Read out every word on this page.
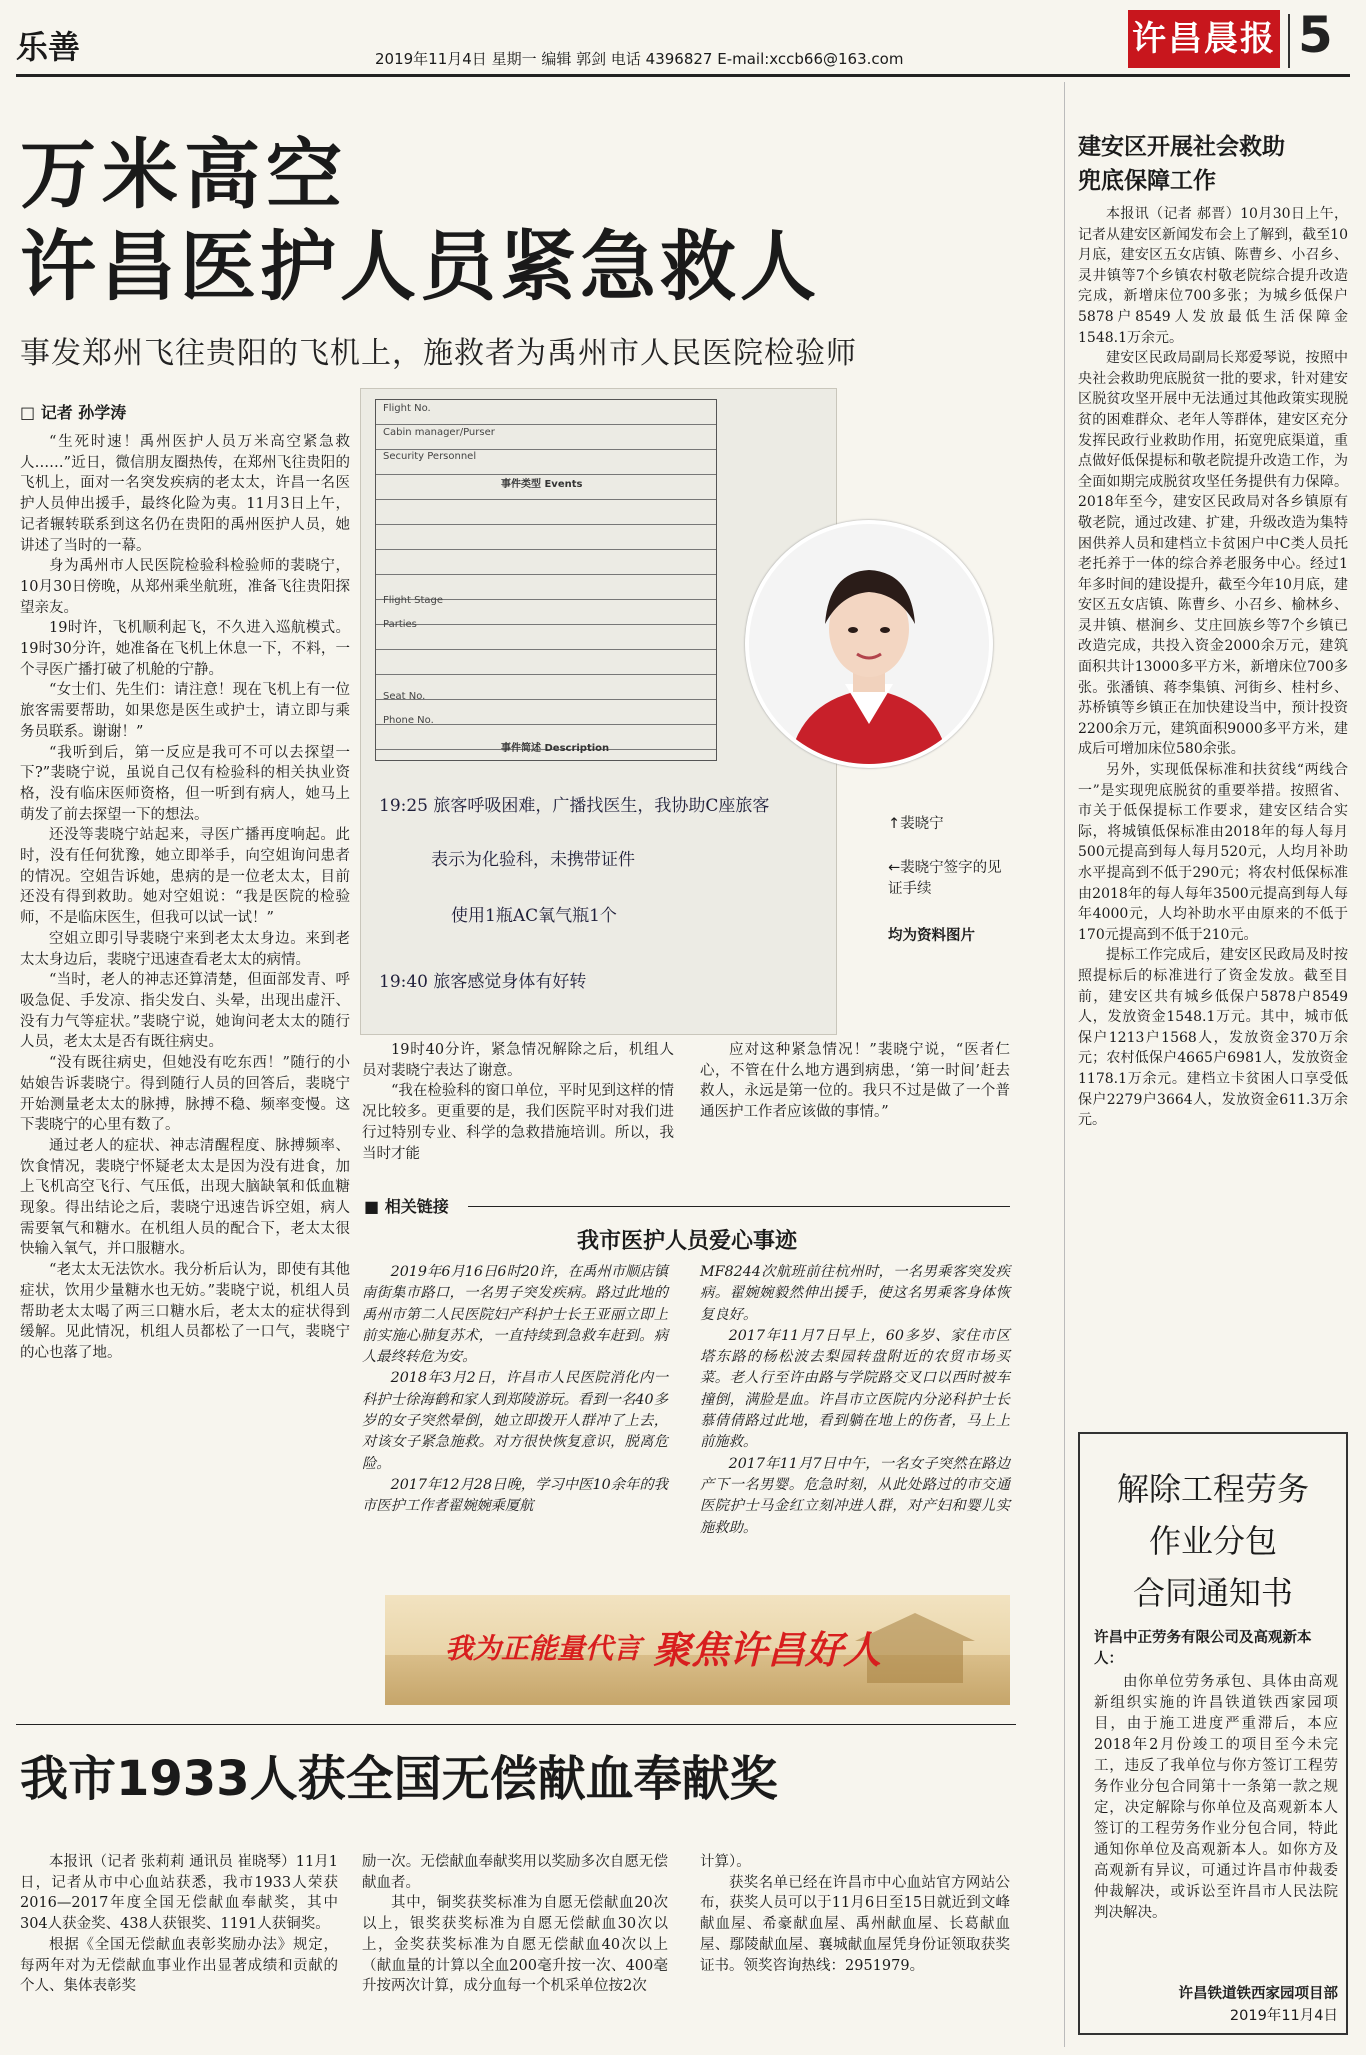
乐善	2019年11月4日 星期一 编辑 郭剑 电话 4396827 E-mail:xccb66@163.com	许昌晨报 5
万米高空
许昌医护人员紧急救人
事发郑州飞往贵阳的飞机上，施救者为禹州市人民医院检验师
□ 记者 孙学涛

“生死时速！禹州医护人员万米高空紧急救人……”近日，微信朋友圈热传，在郑州飞往贵阳的飞机上，面对一名突发疾病的老太太，许昌一名医护人员伸出援手，最终化险为夷。11月3日上午，记者辗转联系到这名仍在贵阳的禹州医护人员，她讲述了当时的一幕。

身为禹州市人民医院检验科检验师的裴晓宁，10月30日傍晚，从郑州乘坐航班，准备飞往贵阳探望亲友。

19时许，飞机顺利起飞，不久进入巡航模式。19时30分许，她准备在飞机上休息一下，不料，一个寻医广播打破了机舱的宁静。

“女士们、先生们：请注意！现在飞机上有一位旅客需要帮助，如果您是医生或护士，请立即与乘务员联系。谢谢！”

“我听到后，第一反应是我可不可以去探望一下?”裴晓宁说，虽说自己仅有检验科的相关执业资格，没有临床医师资格，但一听到有病人，她马上萌发了前去探望一下的想法。

还没等裴晓宁站起来，寻医广播再度响起。此时，没有任何犹豫，她立即举手，向空姐询问患者的情况。空姐告诉她，患病的是一位老太太，目前还没有得到救助。她对空姐说：“我是医院的检验师，不是临床医生，但我可以试一试！”

空姐立即引导裴晓宁来到老太太身边。来到老太太身边后，裴晓宁迅速查看老太太的病情。

“当时，老人的神志还算清楚，但面部发青、呼吸急促、手发凉、指尖发白、头晕，出现出虚汗、没有力气等症状。”裴晓宁说，她询问老太太的随行人员，老太太是否有既往病史。

“没有既往病史，但她没有吃东西！”随行的小姑娘告诉裴晓宁。得到随行人员的回答后，裴晓宁开始测量老太太的脉搏，脉搏不稳、频率变慢。这下裴晓宁的心里有数了。

通过老人的症状、神志清醒程度、脉搏频率、饮食情况，裴晓宁怀疑老太太是因为没有进食，加上飞机高空飞行、气压低，出现大脑缺氧和低血糖现象。得出结论之后，裴晓宁迅速告诉空姐，病人需要氧气和糖水。在机组人员的配合下，老太太很快输入氧气，并口服糖水。

“老太太无法饮水。我分析后认为，即使有其他症状，饮用少量糖水也无妨。”裴晓宁说，机组人员帮助老太太喝了两三口糖水后，老太太的症状得到缓解。见此情况，机组人员都松了一口气，裴晓宁的心也落了地。

Flight No.
Cabin manager/Purser
Security Personnel
事件类型 Events
Flight Stage
Parties
Seat No.
Phone No.
事件简述 Description
19:25 旅客呼吸困难，广播找医生，我协助C座旅客
表示为化验科，未携带证件
使用1瓶AC氧气瓶1个
19:40 旅客感觉身体有好转
↑裴晓宁
←裴晓宁签字的见证手续
均为资料图片

19时40分许，紧急情况解除之后，机组人员对裴晓宁表达了谢意。

“我在检验科的窗口单位，平时见到这样的情况比较多。更重要的是，我们医院平时对我们进行过特别专业、科学的急救措施培训。所以，我当时才能

应对这种紧急情况！”裴晓宁说，“医者仁心，不管在什么地方遇到病患，‘第一时间’赶去救人，永远是第一位的。我只不过是做了一个普通医护工作者应该做的事情。”

■ 相关链接
我市医护人员爱心事迹

2019年6月16日6时20许，在禹州市顺店镇南街集市路口，一名男子突发疾病。路过此地的禹州市第二人民医院妇产科护士长王亚丽立即上前实施心肺复苏术，一直持续到急救车赶到。病人最终转危为安。

2018年3月2日，许昌市人民医院消化内一科护士徐海鹤和家人到郑陵游玩。看到一名40多岁的女子突然晕倒，她立即拨开人群冲了上去，对该女子紧急施救。对方很快恢复意识，脱离危险。

2017年12月28日晚，学习中医10余年的我市医护工作者翟婉婉乘厦航

MF8244次航班前往杭州时，一名男乘客突发疾病。翟婉婉毅然伸出援手，使这名男乘客身体恢复良好。

2017年11月7日早上，60多岁、家住市区塔东路的杨松波去梨园转盘附近的农贸市场买菜。老人行至许由路与学院路交叉口以西时被车撞倒，满脸是血。许昌市立医院内分泌科护士长慕倩倩路过此地，看到躺在地上的伤者，马上上前施救。

2017年11月7日中午，一名女子突然在路边产下一名男婴。危急时刻，从此处路过的市交通医院护士马金红立刻冲进人群，对产妇和婴儿实施救助。

我为正能量代言 聚焦许昌好人
我市1933人获全国无偿献血奉献奖

本报讯（记者 张莉莉 通讯员 崔晓琴）11月1日，记者从市中心血站获悉，我市1933人荣获2016—2017年度全国无偿献血奉献奖，其中304人获金奖、438人获银奖、1191人获铜奖。

根据《全国无偿献血表彰奖励办法》规定，每两年对为无偿献血事业作出显著成绩和贡献的个人、集体表彰奖

励一次。无偿献血奉献奖用以奖励多次自愿无偿献血者。

其中，铜奖获奖标准为自愿无偿献血20次以上，银奖获奖标准为自愿无偿献血30次以上，金奖获奖标准为自愿无偿献血40次以上（献血量的计算以全血200毫升按一次、400毫升按两次计算，成分血每一个机采单位按2次

计算）。

获奖名单已经在许昌市中心血站官方网站公布，获奖人员可以于11月6日至15日就近到文峰献血屋、希豪献血屋、禹州献血屋、长葛献血屋、鄢陵献血屋、襄城献血屋凭身份证领取获奖证书。领奖咨询热线：2951979。

建安区开展社会救助
兜底保障工作

本报讯（记者 郝晋）10月30日上午，记者从建安区新闻发布会上了解到，截至10月底，建安区五女店镇、陈曹乡、小召乡、灵井镇等7个乡镇农村敬老院综合提升改造完成，新增床位700多张；为城乡低保户5878户8549人发放最低生活保障金1548.1万余元。

建安区民政局副局长郑爱琴说，按照中央社会救助兜底脱贫一批的要求，针对建安区脱贫攻坚开展中无法通过其他政策实现脱贫的困难群众、老年人等群体，建安区充分发挥民政行业救助作用，拓宽兜底渠道，重点做好低保提标和敬老院提升改造工作，为全面如期完成脱贫攻坚任务提供有力保障。2018年至今，建安区民政局对各乡镇原有敬老院，通过改建、扩建，升级改造为集特困供养人员和建档立卡贫困户中C类人员托老托养于一体的综合养老服务中心。经过1年多时间的建设提升，截至今年10月底，建安区五女店镇、陈曹乡、小召乡、榆林乡、灵井镇、椹涧乡、艾庄回族乡等7个乡镇已改造完成，共投入资金2000余万元，建筑面积共计13000多平方米，新增床位700多张。张潘镇、蒋李集镇、河街乡、桂村乡、苏桥镇等乡镇正在加快建设当中，预计投资2200余万元，建筑面积9000多平方米，建成后可增加床位580余张。

另外，实现低保标准和扶贫线“两线合一”是实现兜底脱贫的重要举措。按照省、市关于低保提标工作要求，建安区结合实际，将城镇低保标准由2018年的每人每月500元提高到每人每月520元，人均月补助水平提高到不低于290元；将农村低保标准由2018年的每人每年3500元提高到每人每年4000元，人均补助水平由原来的不低于170元提高到不低于210元。

提标工作完成后，建安区民政局及时按照提标后的标准进行了资金发放。截至目前，建安区共有城乡低保户5878户8549人，发放资金1548.1万元。其中，城市低保户1213户1568人，发放资金370万余元；农村低保户4665户6981人，发放资金1178.1万余元。建档立卡贫困人口享受低保户2279户3664人，发放资金611.3万余元。

解除工程劳务
作业分包
合同通知书
许昌中正劳务有限公司及高观新本人：
由你单位劳务承包、具体由高观新组织实施的许昌铁道铁西家园项目，由于施工进度严重滞后，本应2018年2月份竣工的项目至今未完工，违反了我单位与你方签订工程劳务作业分包合同第十一条第一款之规定，决定解除与你单位及高观新本人签订的工程劳务作业分包合同，特此通知你单位及高观新本人。如你方及高观新有异议，可通过许昌市仲裁委仲裁解决，或诉讼至许昌市人民法院判决解决。
许昌铁道铁西家园项目部
2019年11月4日
